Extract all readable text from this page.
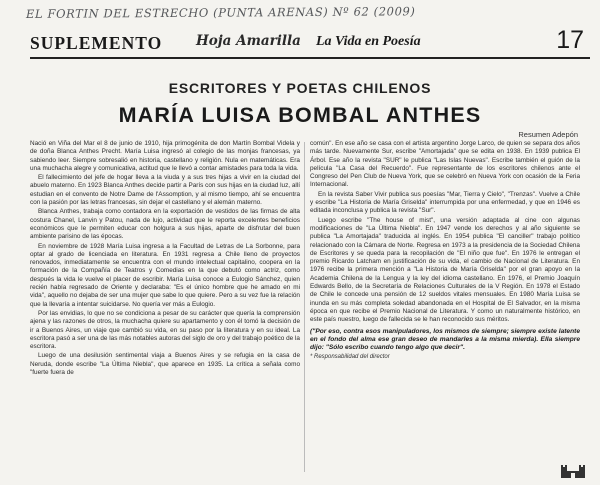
EL FORTIN DEL ESTRECHO (PUNTA ARENAS) Nº 62 (2009)
SUPLEMENTO	Hoja Amarilla La Vida en Poesía	17
ESCRITORES Y POETAS CHILENOS
MARÍA LUISA BOMBAL ANTHES
Resumen Adepón

Nació en Viña del Mar el 8 de junio de 1910, hija primogénita de don Martín Bombal Videla y de doña Blanca Anthes Precht. María Luisa ingresó al colegio de las monjas francesas, ya sabiendo leer. Siempre sobresalió en historia, castellano y religión. Nula en matemáticas. Era una muchacha alegre y comunicativa, actitud que le llevó a contar amistades para toda la vida.

El fallecimiento del jefe de hogar lleva a la viuda y a sus tres hijas a vivir en la ciudad del abuelo materno. En 1923 Blanca Anthes decide partir a París con sus hijas en la ciudad luz, allí estudian en el convento de Notre Dame de l'Assomption, y al mismo tiempo, ahí se encuentra con la pasión por las letras francesas, sin dejar el castellano y el alemán materno.

Blanca Anthes, trabaja como contadora en la exportación de vestidos de las firmas de alta costura Chanel, Lanvin y Patou, nada de lujo, actividad que le reporta excelentes beneficios económicos que le permiten educar con holgura a sus hijas, aparte de disfrutar del buen ambiente parisino de las épocas.

En noviembre de 1928 María Luisa ingresa a la Facultad de Letras de La Sorbonne, para optar al grado de licenciada en literatura. En 1931 regresa a Chile lleno de proyectos renovados, inmediatamente se encuentra con el mundo intelectual capitalino, coopera en la formación de la Compañía de Teatros y Comedias en la que debutó como actriz, como después la vida le vuelve el placer de escribir. María Luisa conoce a Eulogio Sánchez, quien recién había regresado de Oriente y declaraba: "Es el único hombre que he amado en mi vida", aquello no dejaba de ser una mujer que sabe lo que quiere. Pero a su vez fue la relación que la llevaría a intentar suicidarse. No quería ver más a Eulogio.

Por las envidias, lo que no se condiciona a pesar de su carácter que quería la comprensión ajena y las razones de otros, la muchacha quiere su apartamento y con él tomó la decisión de ir a Buenos Aires, un viaje que cambió su vida, en su paso por la literatura y en su ideal. La escritora pasó a ser una de las más notables autoras del siglo de oro y del trabajo poético de la escritora.

Luego de una desilusión sentimental viaja a Buenos Aires y se refugia en la casa de Neruda, donde escribe "La Última Niebla", que aparece en 1935. La crítica a señala como "fuerte fuera de

común". En ese año se casa con el artista argentino Jorge Larco, de quien se separa dos años más tarde. Nuevamente Sur, escribe "Amortajada" que se edita en 1938. En 1939 publica El Árbol. Ese año la revista "SUR" le publica "Las Islas Nuevas". Escribe también el guión de la película "La Casa del Recuerdo". Fue representante de los escritores chilenos ante el Congreso del Pen Club de Nueva York, que se celebró en Nueva York con ocasión de la Feria Internacional.

En la revista Saber Vivir publica sus poesías "Mar, Tierra y Cielo", "Trenzas". Vuelve a Chile y escribe "La Historia de María Griselda" interrumpida por una enfermedad, y que en 1946 es editada inconclusa y publica la revista "Sur".

Luego escribe "The house of mist", una versión adaptada al cine con algunas modificaciones de "La Última Niebla". En 1947 vende los derechos y al año siguiente se publica "La Amortajada" traducida al inglés. En 1954 publica "El canciller" trabajo político relacionado con la Cámara de Norte. Regresa en 1973 a la presidencia de la Sociedad Chilena de Escritores y se queda para la recopilación de "El niño que fue". En 1976 le entregan el premio Ricardo Latcham en justificación de su vida, el cambio de Nacional de Literatura. En 1976 recibe la primera mención a "La Historia de María Griselda" por el gran apoyo en la Academia Chilena de la Lengua y la ley del idioma castellano. En 1976, el Premio Joaquín Edwards Bello, de la Secretaría de Relaciones Culturales de la V Región. En 1978 el Estado de Chile le concede una pensión de 12 sueldos vitales mensuales. En 1980 María Luisa se inunda en su más completa soledad abandonada en el Hospital de El Salvador, en la misma época en que recibe el Premio Nacional de Literatura. Y como un naturalmente histórico, en este país nuestro, luego de fallecida se le han reconocido sus méritos.

("Por eso, contra esos manipuladores, los mismos de siempre; siempre existe latente en el fondo del alma ese gran deseo de mandarles a la misma mierda). Ella siempre dijo: "Sólo escribo cuando tengo algo que decir".
* Responsabilidad del director
